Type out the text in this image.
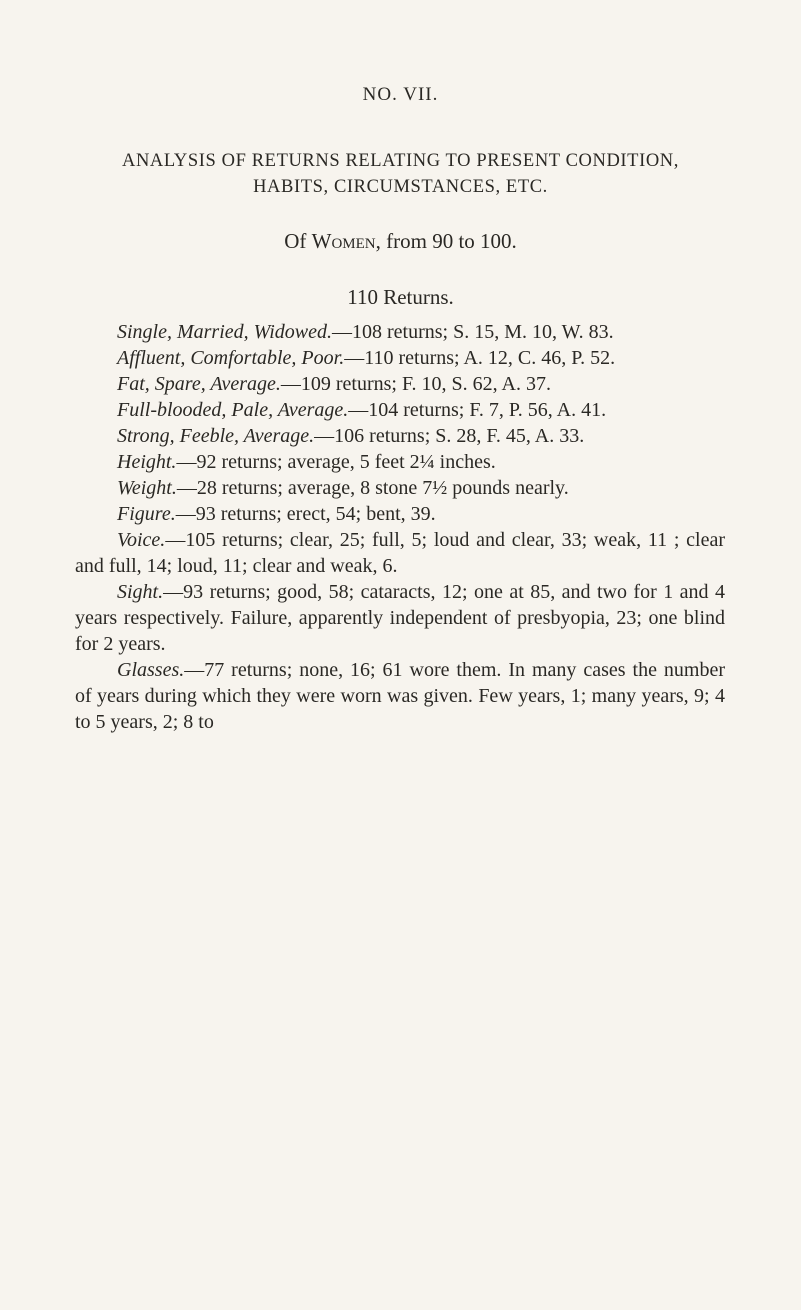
NO. VII.
ANALYSIS OF RETURNS RELATING TO PRESENT CONDITION,
HABITS, CIRCUMSTANCES, ETC.
Of Women, from 90 to 100.
110 Returns.

Single, Married, Widowed.—108 returns; S. 15, M. 10, W. 83.

Affluent, Comfortable, Poor.—110 returns; A. 12, C. 46, P. 52.

Fat, Spare, Average.—109 returns; F. 10, S. 62, A. 37.

Full-blooded, Pale, Average.—104 returns; F. 7, P. 56, A. 41.

Strong, Feeble, Average.—106 returns; S. 28, F. 45, A. 33.

Height.—92 returns; average, 5 feet 2¼ inches.

Weight.—28 returns; average, 8 stone 7½ pounds nearly.

Figure.—93 returns; erect, 54; bent, 39.

Voice.—105 returns; clear, 25; full, 5; loud and clear, 33; weak, 11 ; clear and full, 14; loud, 11; clear and weak, 6.

Sight.—93 returns; good, 58; cataracts, 12; one at 85, and two for 1 and 4 years respectively. Failure, apparently independent of presbyopia, 23; one blind for 2 years.

Glasses.—77 returns; none, 16; 61 wore them. In many cases the number of years during which they were worn was given. Few years, 1; many years, 9; 4 to 5 years, 2; 8 to
